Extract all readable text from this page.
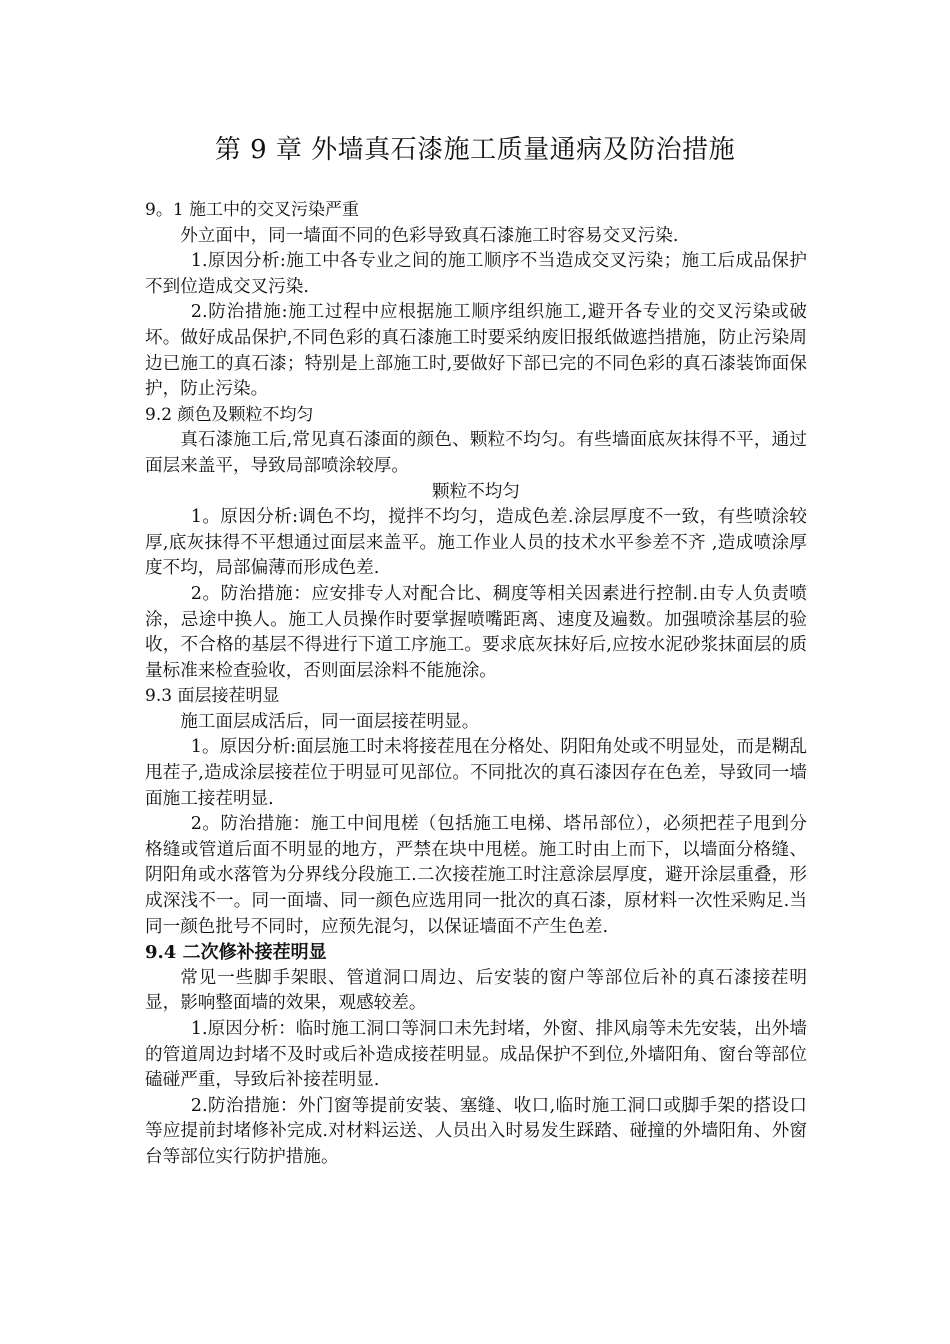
第 9 章 外墙真石漆施工质量通病及防治措施

9。1 施工中的交叉污染严重

外立面中，同一墙面不同的色彩导致真石漆施工时容易交叉污染.

1.原因分析:施工中各专业之间的施工顺序不当造成交叉污染；施工后成品保护不到位造成交叉污染.

2.防治措施:施工过程中应根据施工顺序组织施工,避开各专业的交叉污染或破坏。做好成品保护,不同色彩的真石漆施工时要采纳废旧报纸做遮挡措施，防止污染周边已施工的真石漆；特别是上部施工时,要做好下部已完的不同色彩的真石漆装饰面保护，防止污染。

9.2 颜色及颗粒不均匀

真石漆施工后,常见真石漆面的颜色、颗粒不均匀。有些墙面底灰抹得不平，通过面层来盖平，导致局部喷涂较厚。

颗粒不均匀

1。原因分析:调色不均，搅拌不均匀，造成色差.涂层厚度不一致，有些喷涂较厚,底灰抹得不平想通过面层来盖平。施工作业人员的技术水平参差不齐 ,造成喷涂厚度不均，局部偏薄而形成色差.

2。防治措施：应安排专人对配合比、稠度等相关因素进行控制.由专人负责喷涂，忌途中换人。施工人员操作时要掌握喷嘴距离、速度及遍数。加强喷涂基层的验收，不合格的基层不得进行下道工序施工。要求底灰抹好后,应按水泥砂浆抹面层的质量标准来检查验收，否则面层涂料不能施涂。

9.3 面层接茬明显

施工面层成活后，同一面层接茬明显。

1。原因分析:面层施工时未将接茬甩在分格处、阴阳角处或不明显处，而是糊乱甩茬子,造成涂层接茬位于明显可见部位。不同批次的真石漆因存在色差，导致同一墙面施工接茬明显.

2。防治措施：施工中间甩槎（包括施工电梯、塔吊部位），必须把茬子甩到分格缝或管道后面不明显的地方，严禁在块中甩槎。施工时由上而下，以墙面分格缝、阴阳角或水落管为分界线分段施工.二次接茬施工时注意涂层厚度，避开涂层重叠，形成深浅不一。同一面墙、同一颜色应选用同一批次的真石漆，原材料一次性采购足.当同一颜色批号不同时，应预先混匀，以保证墙面不产生色差.

9.4 二次修补接茬明显

常见一些脚手架眼、管道洞口周边、后安装的窗户等部位后补的真石漆接茬明显，影响整面墙的效果，观感较差。

1.原因分析：临时施工洞口等洞口未先封堵，外窗、排风扇等未先安装，出外墙的管道周边封堵不及时或后补造成接茬明显。成品保护不到位,外墙阳角、窗台等部位磕碰严重，导致后补接茬明显.

2.防治措施：外门窗等提前安装、塞缝、收口,临时施工洞口或脚手架的搭设口等应提前封堵修补完成.对材料运送、人员出入时易发生踩踏、碰撞的外墙阳角、外窗台等部位实行防护措施。
